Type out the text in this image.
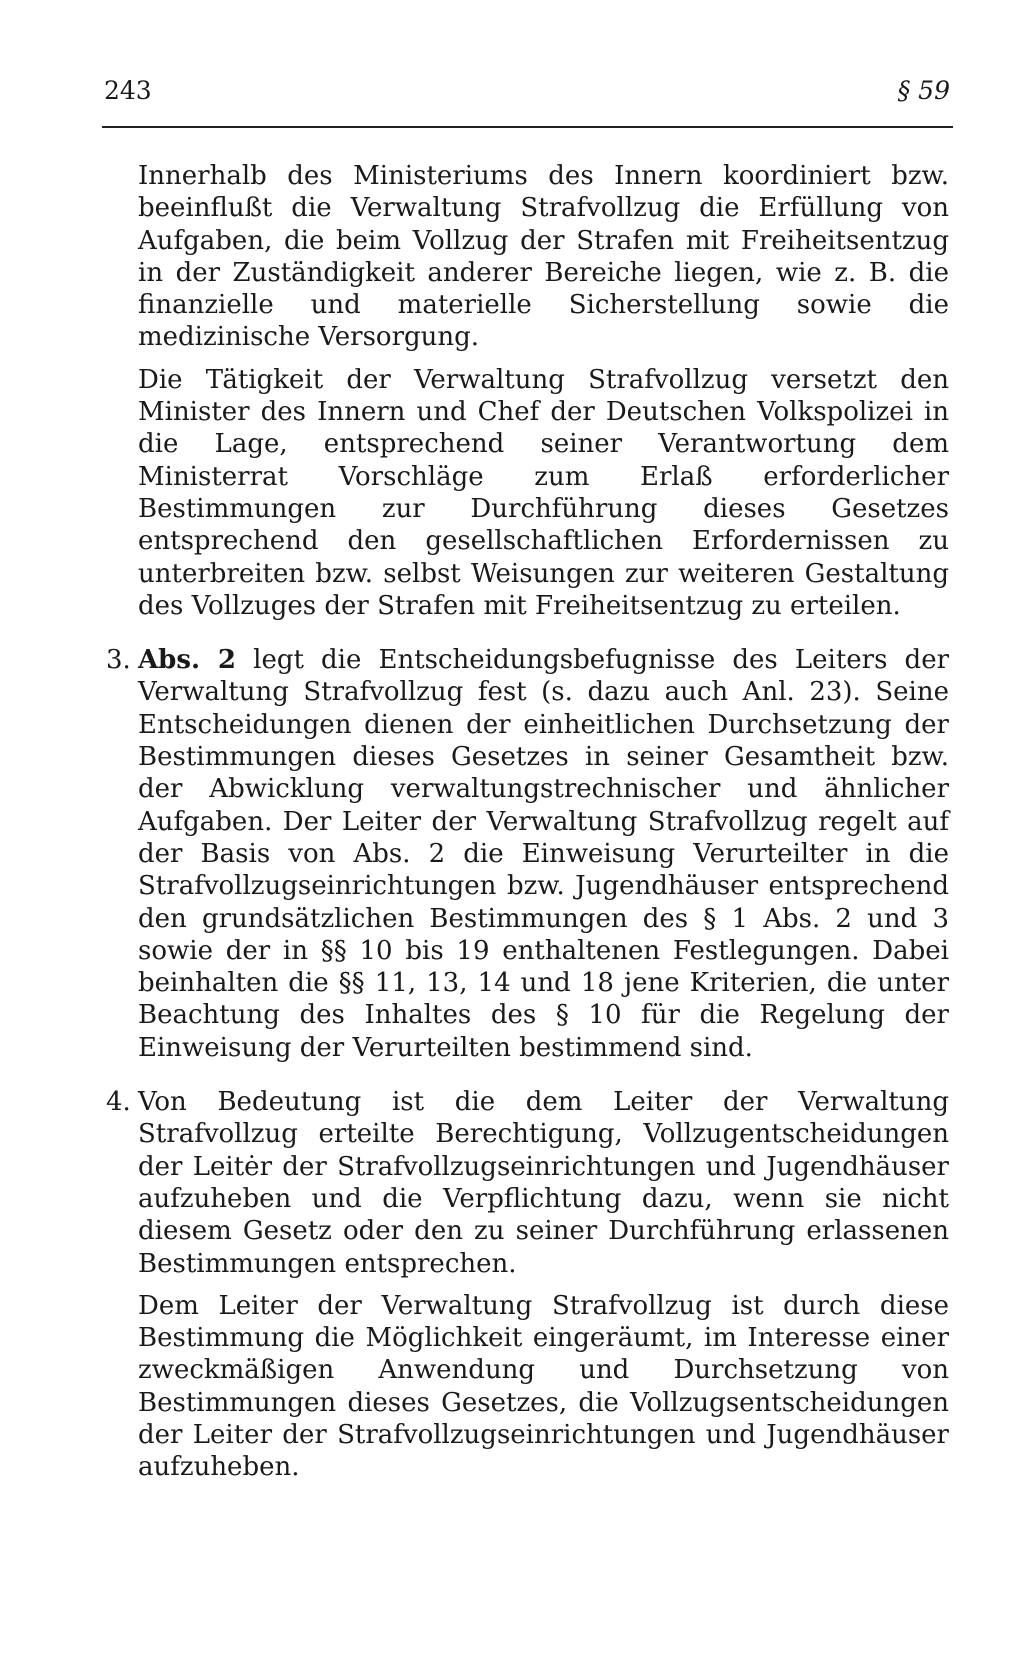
243	§ 59

Innerhalb des Ministeriums des Innern koordiniert bzw. beeinflußt die Verwaltung Strafvollzug die Erfüllung von Aufgaben, die beim Vollzug der Strafen mit Freiheitsentzug in der Zuständigkeit anderer Bereiche liegen, wie z. B. die finanzielle und materielle Sicherstellung sowie die medizinische Versorgung.

Die Tätigkeit der Verwaltung Strafvollzug versetzt den Minister des Innern und Chef der Deutschen Volkspolizei in die Lage, entsprechend seiner Verantwortung dem Ministerrat Vorschläge zum Erlaß erforderlicher Bestimmungen zur Durchführung dieses Gesetzes entsprechend den gesellschaftlichen Erfordernissen zu unterbreiten bzw. selbst Weisungen zur weiteren Gestaltung des Vollzuges der Strafen mit Freiheitsentzug zu erteilen.

3. Abs. 2 legt die Entscheidungsbefugnisse des Leiters der Verwaltung Strafvollzug fest (s. dazu auch Anl. 23). Seine Entscheidungen dienen der einheitlichen Durchsetzung der Bestimmungen dieses Gesetzes in seiner Gesamtheit bzw. der Abwicklung verwaltungstrechnischer und ähnlicher Aufgaben. Der Leiter der Verwaltung Strafvollzug regelt auf der Basis von Abs. 2 die Einweisung Verurteilter in die Strafvollzugseinrichtungen bzw. Jugendhäuser entsprechend den grundsätzlichen Bestimmungen des § 1 Abs. 2 und 3 sowie der in §§ 10 bis 19 enthaltenen Festlegungen. Dabei beinhalten die §§ 11, 13, 14 und 18 jene Kriterien, die unter Beachtung des Inhaltes des § 10 für die Regelung der Einweisung der Verurteilten bestimmend sind.

4. Von Bedeutung ist die dem Leiter der Verwaltung Strafvollzug erteilte Berechtigung, Vollzugentscheidungen der Leitėr der Strafvollzugseinrichtungen und Jugendhäuser aufzuheben und die Verpflichtung dazu, wenn sie nicht diesem Gesetz oder den zu seiner Durchführung erlassenen Bestimmungen entsprechen.

Dem Leiter der Verwaltung Strafvollzug ist durch diese Bestimmung die Möglichkeit eingeräumt, im Interesse einer zweckmäßigen Anwendung und Durchsetzung von Bestimmungen dieses Gesetzes, die Vollzugsentscheidungen der Leiter der Strafvollzugseinrichtungen und Jugendhäuser aufzuheben.
